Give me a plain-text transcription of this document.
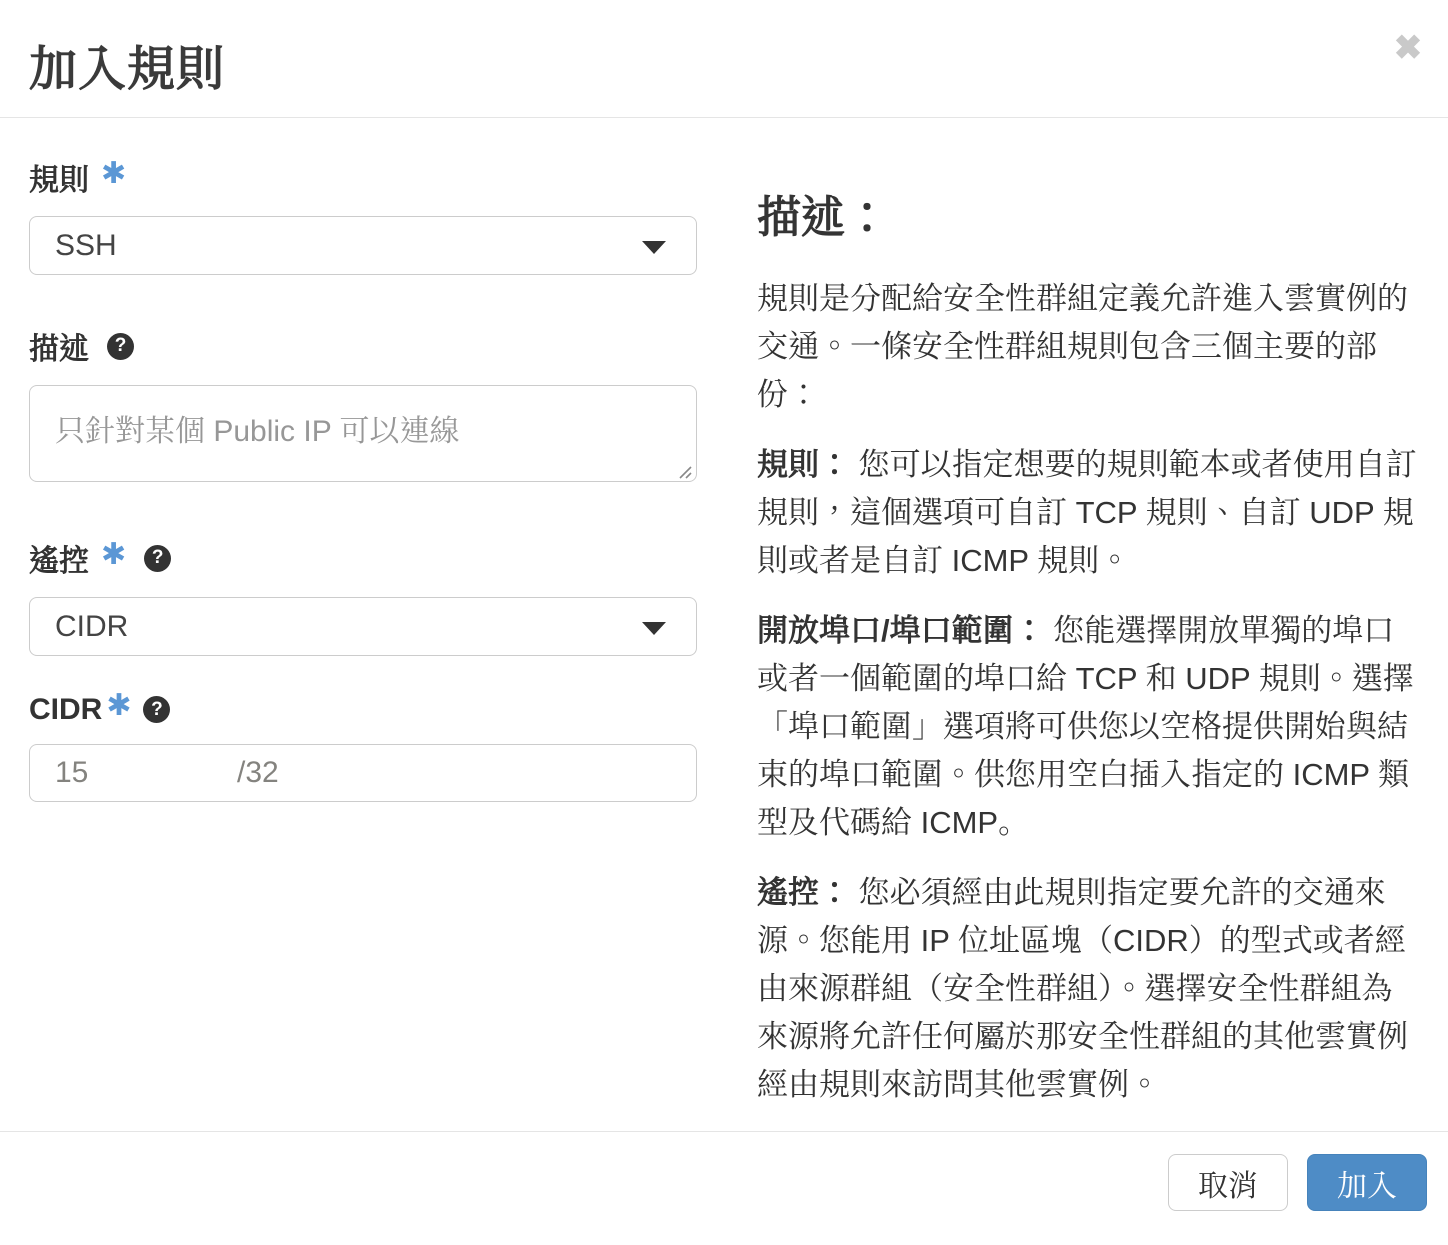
加入規則	✖
規則 ✱
SSH
描述 ?
只針對某個 Public IP 可以連線
遙控 ✱ ?
CIDR
CIDR ✱ ?
15	/32
描述：

規則是分配給安全性群組定義允許進入雲實例的交通。一條安全性群組規則包含三個主要的部份：

規則： 您可以指定想要的規則範本或者使用自訂規則，這個選項可自訂 TCP 規則、自訂 UDP 規則或者是自訂 ICMP 規則。

開放埠口/埠口範圍： 您能選擇開放單獨的埠口或者一個範圍的埠口給 TCP 和 UDP 規則。選擇「埠口範圍」選項將可供您以空格提供開始與結束的埠口範圍。供您用空白插入指定的 ICMP 類型及代碼給 ICMP。

遙控： 您必須經由此規則指定要允許的交通來源。您能用 IP 位址區塊（CIDR）的型式或者經由來源群組（安全性群組）。選擇安全性群組為來源將允許任何屬於那安全性群組的其他雲實例經由規則來訪問其他雲實例。

取消	加入
